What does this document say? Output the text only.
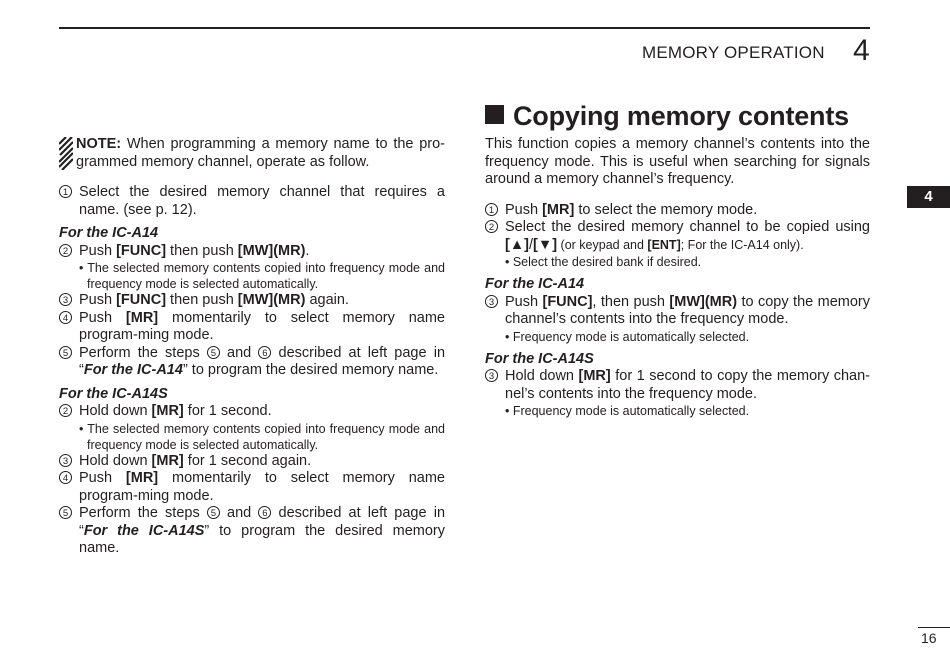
MEMORY OPERATION 4
4
NOTE: When programming a memory name to the pro-grammed memory channel, operate as follow.
1 Select the desired memory channel that requires a name. (see p. 12).
For the IC-A14
2 Push [FUNC] then push [MW](MR).
• The selected memory contents copied into frequency mode and frequency mode is selected automatically.
3 Push [FUNC] then push [MW](MR) again.
4 Push [MR] momentarily to select memory name program-ming mode.
5 Perform the steps 5 and 6 described at left page in “For the IC-A14” to program the desired memory name.
For the IC-A14S
2 Hold down [MR] for 1 second.
• The selected memory contents copied into frequency mode and frequency mode is selected automatically.
3 Hold down [MR] for 1 second again.
4 Push [MR] momentarily to select memory name program-ming mode.
5 Perform the steps 5 and 6 described at left page in “For the IC-A14S” to program the desired memory name.
Copying memory contents

This function copies a memory channel’s contents into the frequency mode. This is useful when searching for signals around a memory channel’s frequency.

1 Push [MR] to select the memory mode.
2 Select the desired memory channel to be copied using [▲]/[▼] (or keypad and [ENT]; For the IC-A14 only).
• Select the desired bank if desired.
For the IC-A14
3 Push [FUNC], then push [MW](MR) to copy the memory channel’s contents into the frequency mode.
• Frequency mode is automatically selected.
For the IC-A14S
3 Hold down [MR] for 1 second to copy the memory chan-nel’s contents into the frequency mode.
• Frequency mode is automatically selected.
16
